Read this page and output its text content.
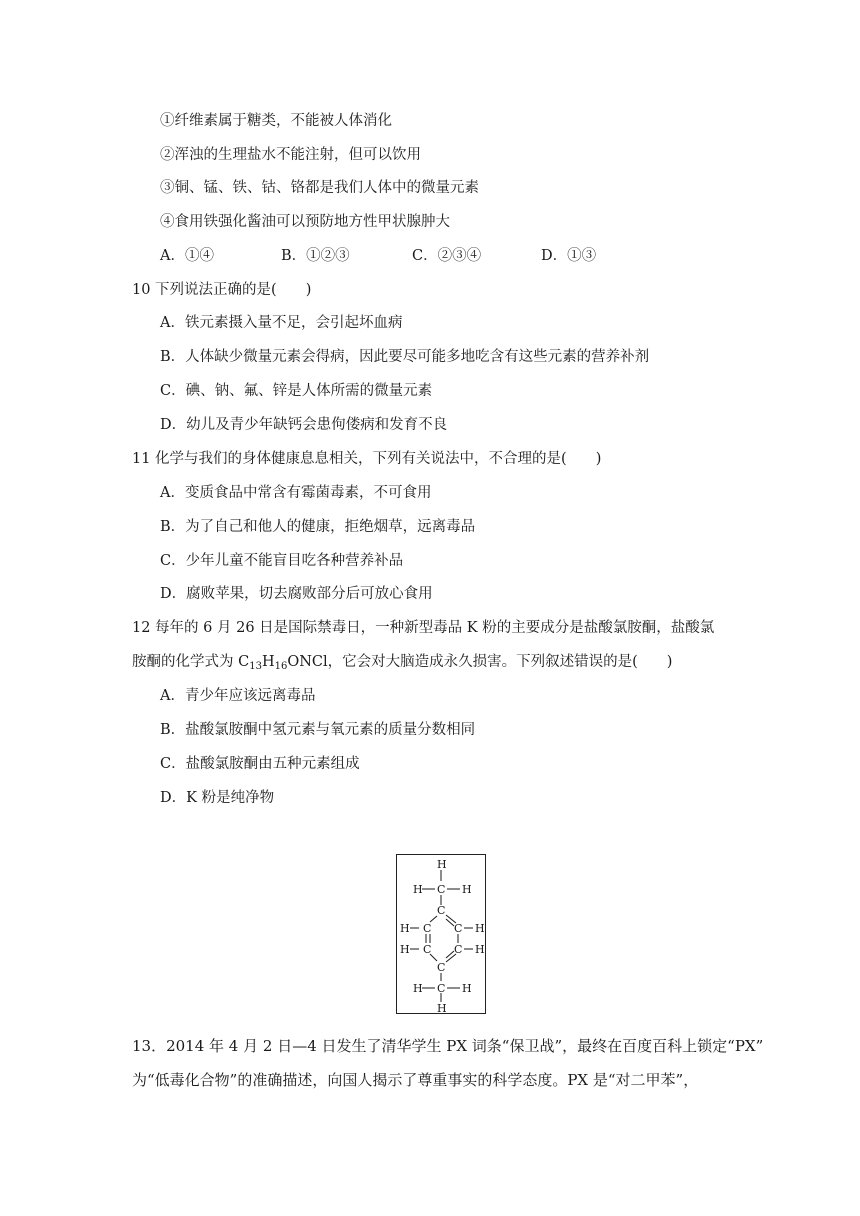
①纤维素属于糖类，不能被人体消化
②浑浊的生理盐水不能注射，但可以饮用
③铜、锰、铁、钴、铬都是我们人体中的微量元素
④食用铁强化酱油可以预防地方性甲状腺肿大
A．①④	B．①②③	C．②③④	D．①③
10 下列说法正确的是(　　)
A．铁元素摄入量不足，会引起坏血病
B．人体缺少微量元素会得病，因此要尽可能多地吃含有这些元素的营养补剂
C．碘、钠、氟、锌是人体所需的微量元素
D．幼儿及青少年缺钙会患佝偻病和发育不良
11 化学与我们的身体健康息息相关，下列有关说法中，不合理的是(　　)
A．变质食品中常含有霉菌毒素，不可食用
B．为了自己和他人的健康，拒绝烟草，远离毒品
C．少年儿童不能盲目吃各种营养补品
D．腐败苹果，切去腐败部分后可放心食用
12 每年的 6 月 26 日是国际禁毒日，一种新型毒品 K 粉的主要成分是盐酸氯胺酮，盐酸氯
胺酮的化学式为 $C_{13}H_{16}ONCl$，它会对大脑造成永久损害。下列叙述错误的是(　　)
A．青少年应该远离毒品
B．盐酸氯胺酮中氢元素与氧元素的质量分数相同
C．盐酸氯胺酮由五种元素组成
D．K 粉是纯净物
H
H C H
C
H C C H
H C C H
C
H C H
H
13．2014 年 4 月 2 日—4 日发生了清华学生 PX 词条“保卫战”，最终在百度百科上锁定“PX”
为“低毒化合物”的准确描述，向国人揭示了尊重事实的科学态度。PX 是“对二甲苯”，
